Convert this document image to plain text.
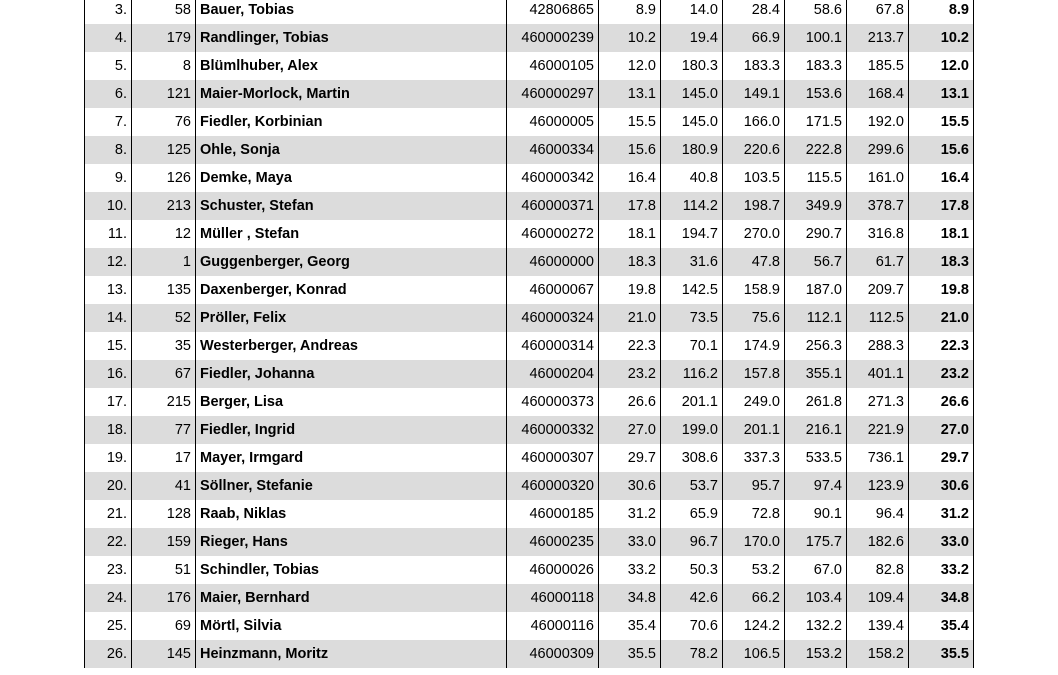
3.	58	Bauer, Tobias	42806865	8.9	14.0	28.4	58.6	67.8	8.9
4.	179	Randlinger, Tobias	460000239	10.2	19.4	66.9	100.1	213.7	10.2
5.	8	Blümlhuber, Alex	46000105	12.0	180.3	183.3	183.3	185.5	12.0
6.	121	Maier-Morlock, Martin	460000297	13.1	145.0	149.1	153.6	168.4	13.1
7.	76	Fiedler, Korbinian	46000005	15.5	145.0	166.0	171.5	192.0	15.5
8.	125	Ohle, Sonja	46000334	15.6	180.9	220.6	222.8	299.6	15.6
9.	126	Demke, Maya	460000342	16.4	40.8	103.5	115.5	161.0	16.4
10.	213	Schuster, Stefan	460000371	17.8	114.2	198.7	349.9	378.7	17.8
11.	12	Müller , Stefan	460000272	18.1	194.7	270.0	290.7	316.8	18.1
12.	1	Guggenberger, Georg	46000000	18.3	31.6	47.8	56.7	61.7	18.3
13.	135	Daxenberger, Konrad	46000067	19.8	142.5	158.9	187.0	209.7	19.8
14.	52	Pröller, Felix	460000324	21.0	73.5	75.6	112.1	112.5	21.0
15.	35	Westerberger, Andreas	460000314	22.3	70.1	174.9	256.3	288.3	22.3
16.	67	Fiedler, Johanna	46000204	23.2	116.2	157.8	355.1	401.1	23.2
17.	215	Berger, Lisa	460000373	26.6	201.1	249.0	261.8	271.3	26.6
18.	77	Fiedler, Ingrid	460000332	27.0	199.0	201.1	216.1	221.9	27.0
19.	17	Mayer, Irmgard	460000307	29.7	308.6	337.3	533.5	736.1	29.7
20.	41	Söllner, Stefanie	460000320	30.6	53.7	95.7	97.4	123.9	30.6
21.	128	Raab, Niklas	46000185	31.2	65.9	72.8	90.1	96.4	31.2
22.	159	Rieger, Hans	46000235	33.0	96.7	170.0	175.7	182.6	33.0
23.	51	Schindler, Tobias	46000026	33.2	50.3	53.2	67.0	82.8	33.2
24.	176	Maier, Bernhard	46000118	34.8	42.6	66.2	103.4	109.4	34.8
25.	69	Mörtl, Silvia	46000116	35.4	70.6	124.2	132.2	139.4	35.4
26.	145	Heinzmann, Moritz	46000309	35.5	78.2	106.5	153.2	158.2	35.5
